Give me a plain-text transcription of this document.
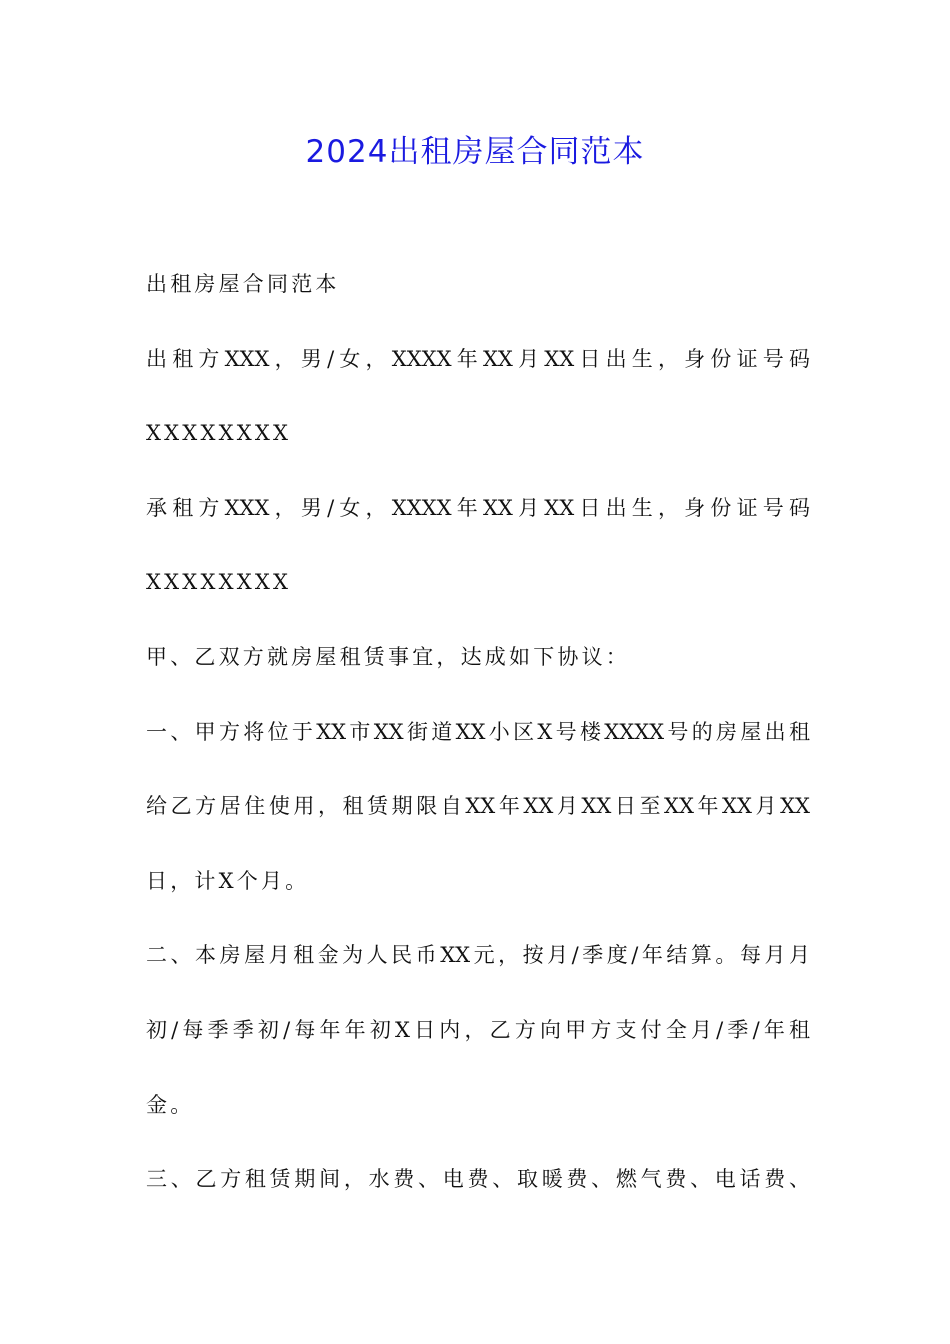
2024出租房屋合同范本
出租房屋合同范本
出租方XXX，男/女，XXXX年XX月XX日出生，身份证号码
XXXXXXXX
承租方XXX，男/女，XXXX年XX月XX日出生，身份证号码
XXXXXXXX
甲、乙双方就房屋租赁事宜，达成如下协议：
一、甲方将位于XX市XX街道XX小区X号楼XXXX号的房屋出租
给乙方居住使用，租赁期限自XX年XX月XX日至XX年XX月XX
日，计X个月。
二、本房屋月租金为人民币XX元，按月/季度/年结算。每月月
初/每季季初/每年年初X日内，乙方向甲方支付全月/季/年租
金。
三、乙方租赁期间，水费、电费、取暖费、燃气费、电话费、
